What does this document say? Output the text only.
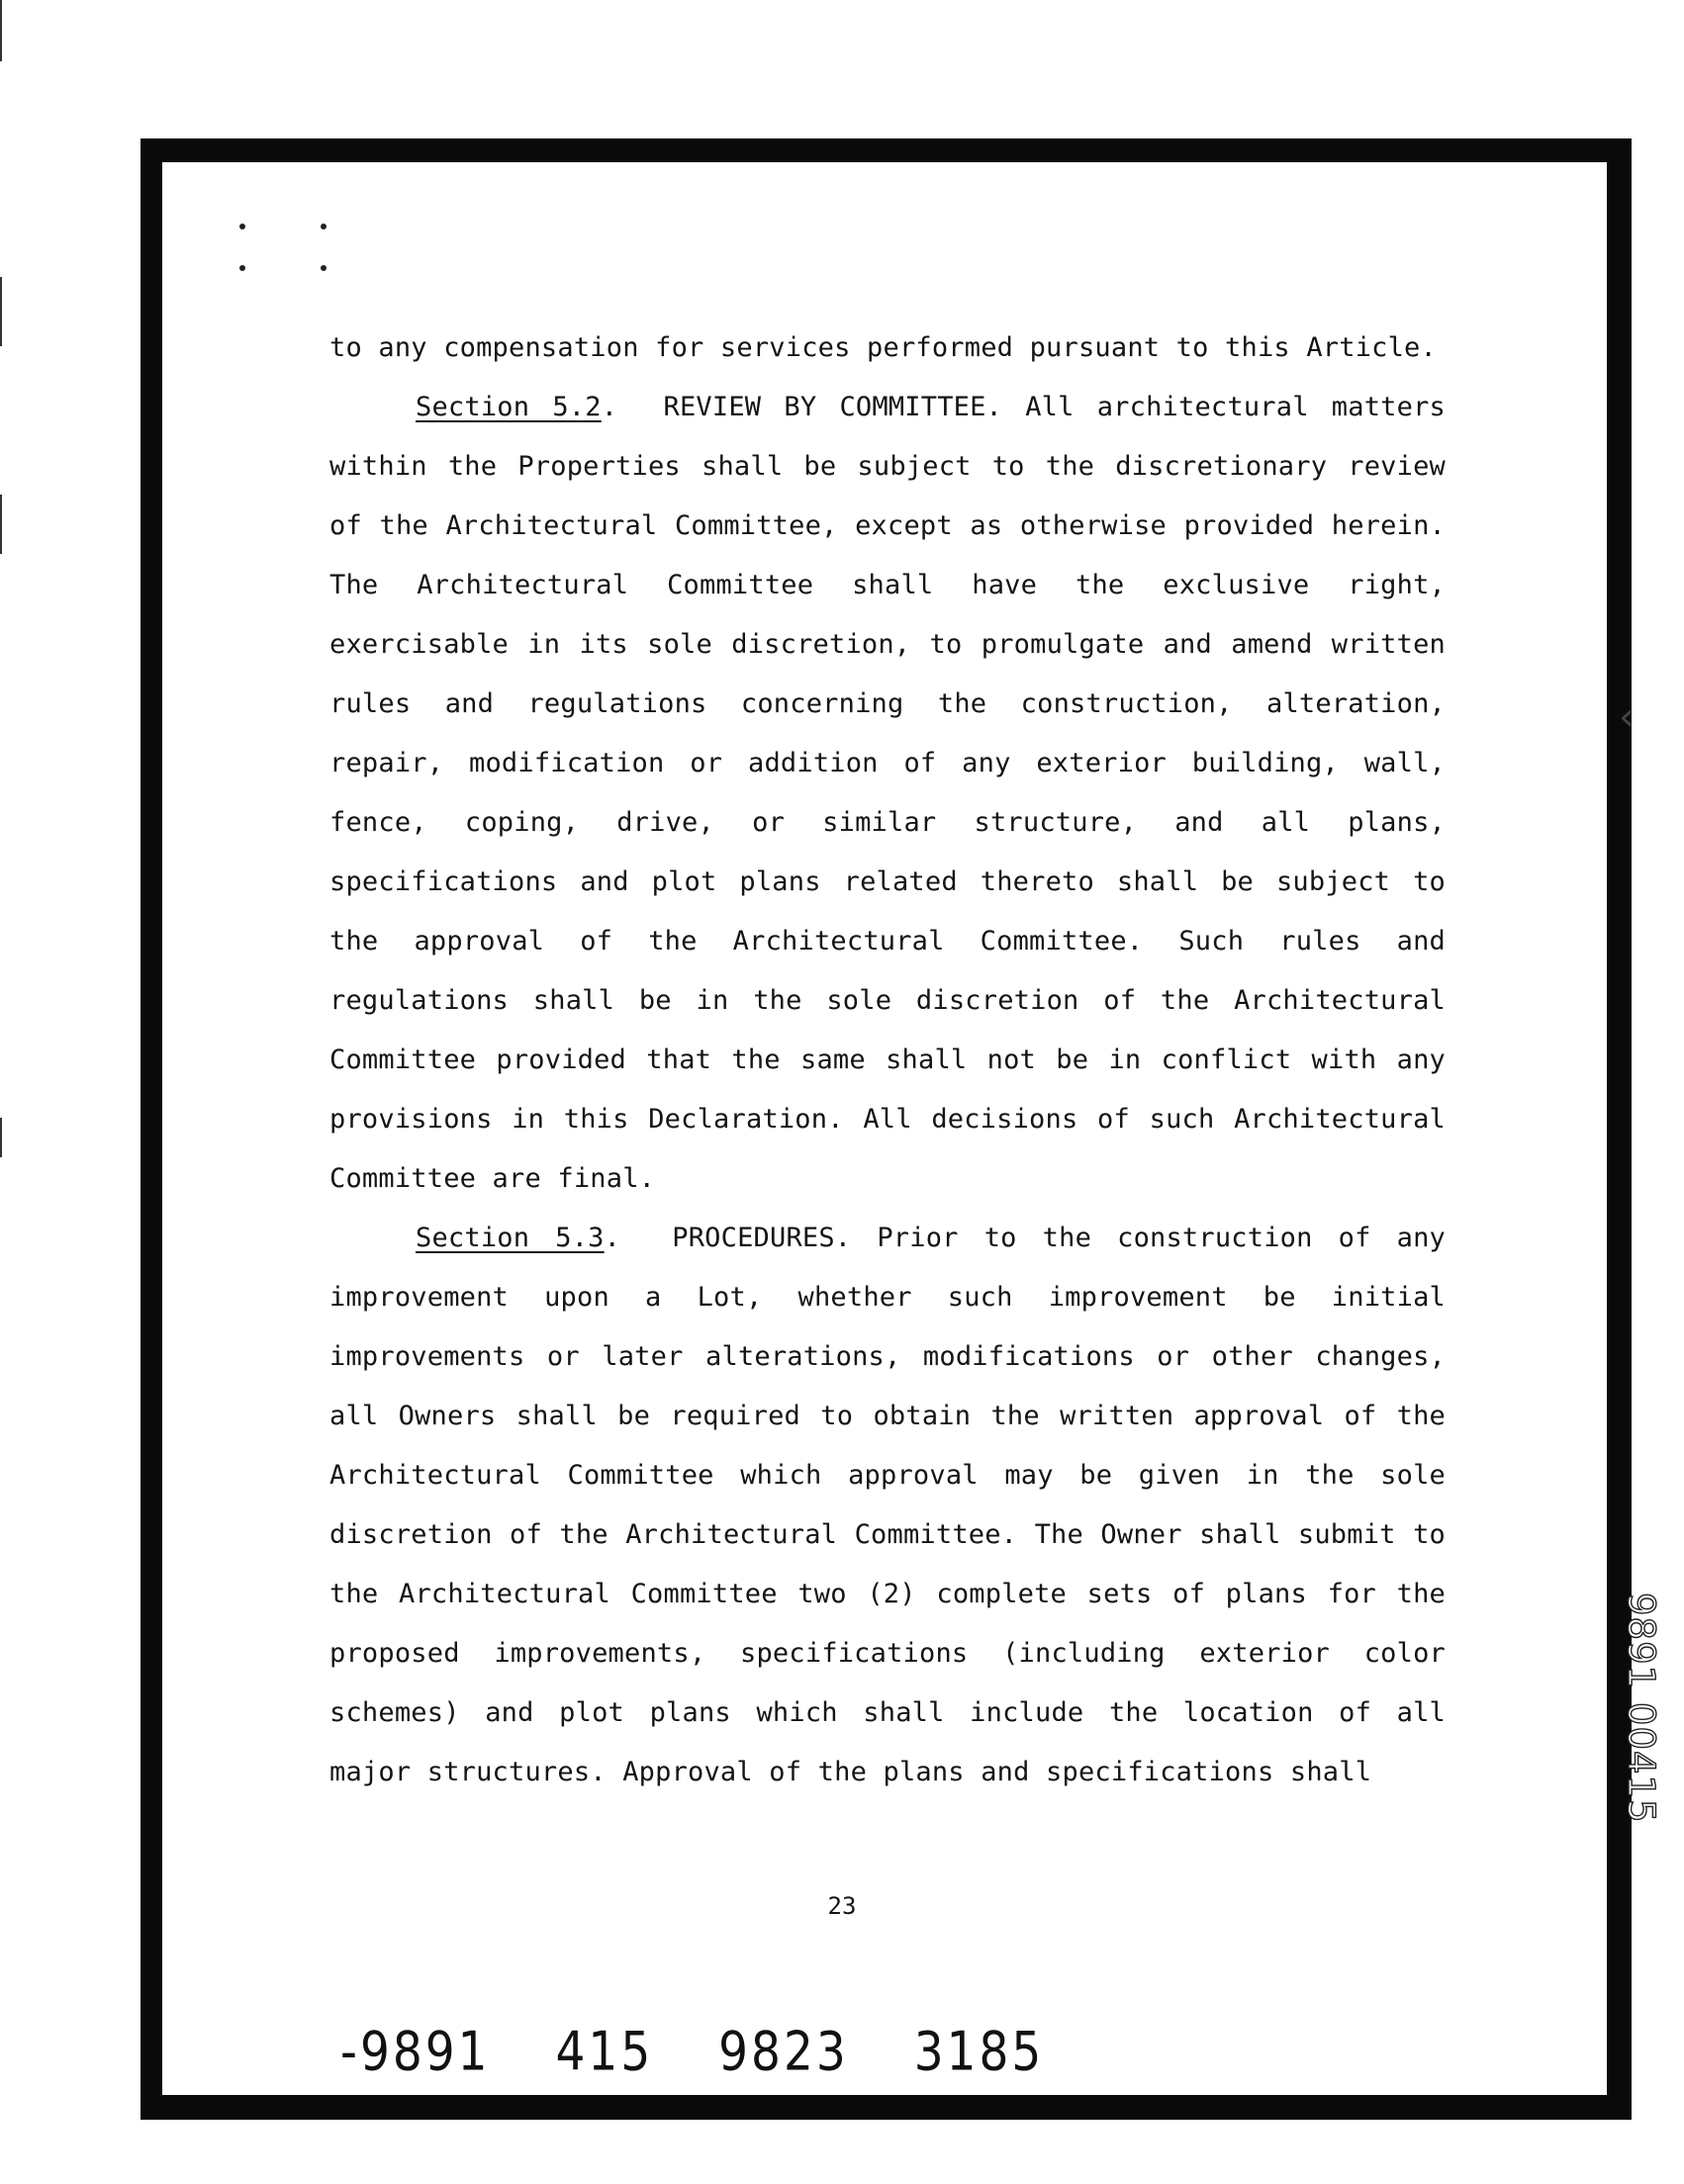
to any compensation for services performed pursuant to this Article.

Section 5.2.  REVIEW BY COMMITTEE. All architectural matters within the Properties shall be subject to the discretionary review of the Architectural Committee, except as otherwise provided herein. The Architectural Committee shall have the exclusive right, exercisable in its sole discretion, to promulgate and amend written rules and regulations concerning the construction, alteration, repair, modification or addition of any exterior building, wall, fence, coping, drive, or similar structure, and all plans, specifications and plot plans related thereto shall be subject to the approval of the Architectural Committee. Such rules and regulations shall be in the sole discretion of the Architectural Committee provided that the same shall not be in conflict with any provisions in this Declaration. All decisions of such Architectural Committee are final.

Section 5.3.  PROCEDURES. Prior to the construction of any improvement upon a Lot, whether such improvement be initial improvements or later alterations, modifications or other changes, all Owners shall be required to obtain the written approval of the Architectural Committee which approval may be given in the sole discretion of the Architectural Committee. The Owner shall submit to the Architectural Committee two (2) complete sets of plans for the proposed improvements, specifications (including exterior color schemes) and plot plans which shall include the location of all major structures. Approval of the plans and specifications shall

23
-9891 415 9823 3185
9891 00415
‹
